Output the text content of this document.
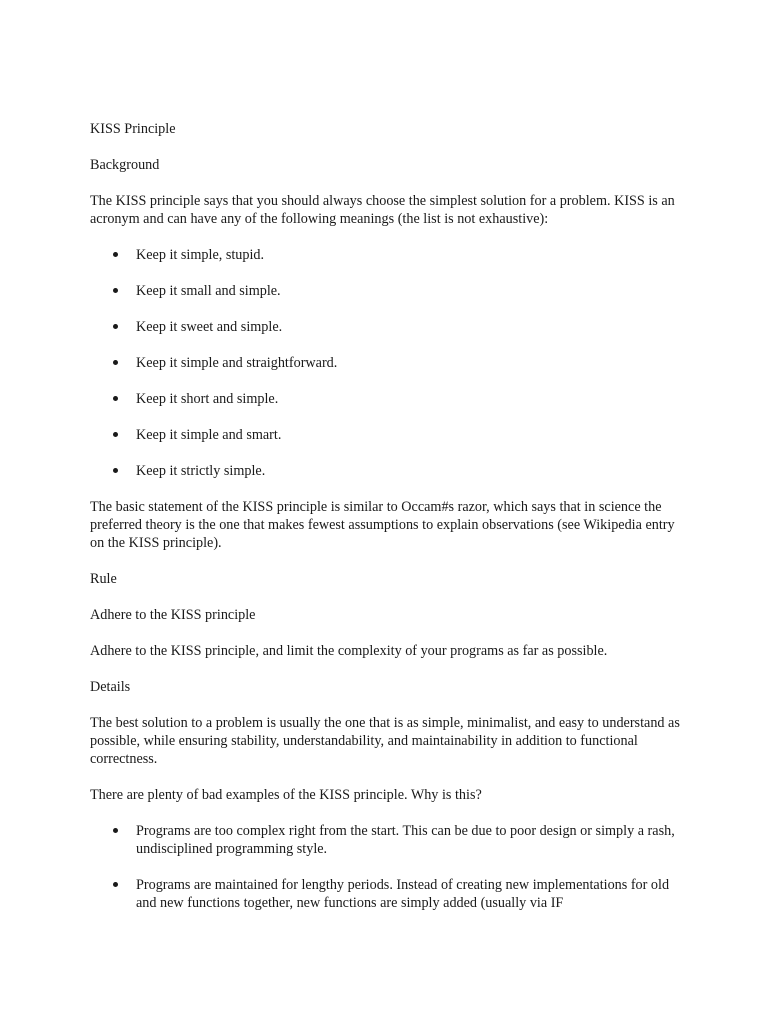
KISS Principle

Background

The KISS principle says that you should always choose the simplest solution for a problem. KISS is an acronym and can have any of the following meanings (the list is not exhaustive):

Keep it simple, stupid.
Keep it small and simple.
Keep it sweet and simple.
Keep it simple and straightforward.
Keep it short and simple.
Keep it simple and smart.
Keep it strictly simple.

The basic statement of the KISS principle is similar to Occam#s razor, which says that in science the preferred theory is the one that makes fewest assumptions to explain observations (see Wikipedia entry on the KISS principle).

Rule

Adhere to the KISS principle

Adhere to the KISS principle, and limit the complexity of your programs as far as possible.

Details

The best solution to a problem is usually the one that is as simple, minimalist, and easy to understand as possible, while ensuring stability, understandability, and maintainability in addition to functional correctness.

There are plenty of bad examples of the KISS principle. Why is this?

Programs are too complex right from the start. This can be due to poor design or simply a rash, undisciplined programming style.
Programs are maintained for lengthy periods. Instead of creating new implementations for old and new functions together, new functions are simply added (usually via IF
